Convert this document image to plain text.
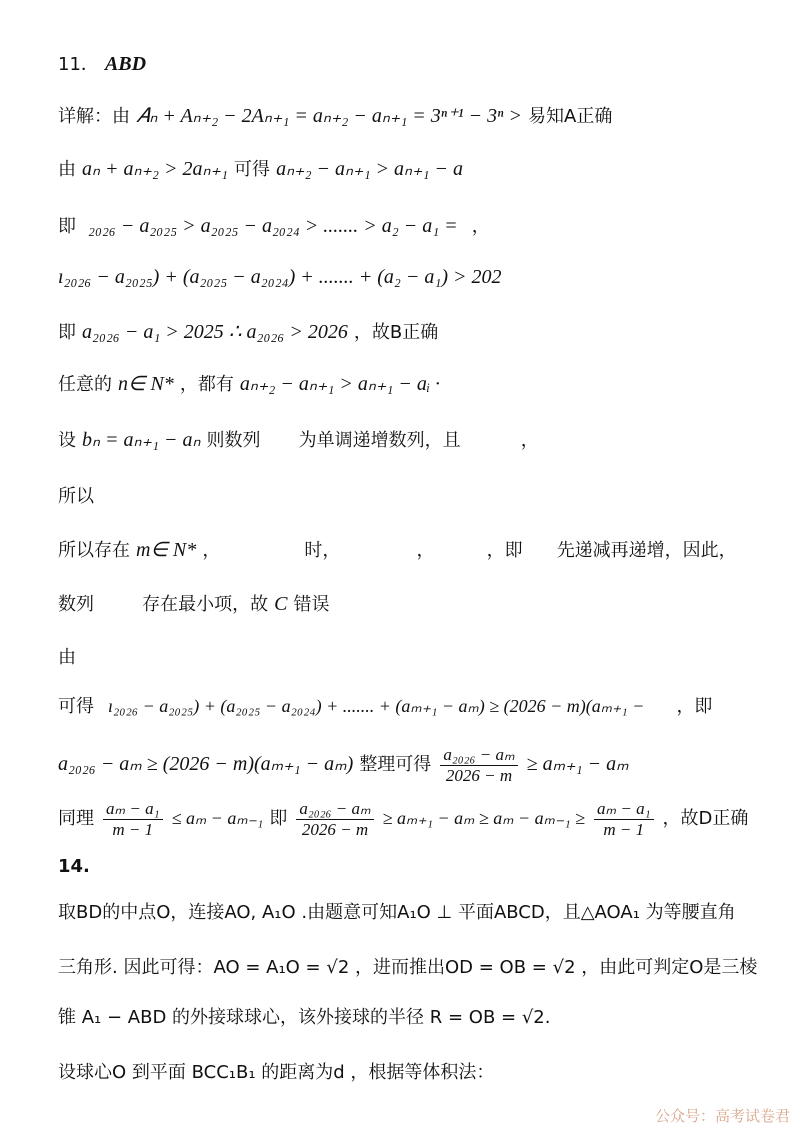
11． ABD
详解：由 𝐴ₙ + Aₙ₊₂ − 2Aₙ₊₁ = aₙ₊₂ − aₙ₊₁ = 3ⁿ⁺¹ − 3ⁿ > 易知A正确
由 aₙ + aₙ₊₂ > 2aₙ₊₁ 可得 aₙ₊₂ − aₙ₊₁ > aₙ₊₁ − a
即 ₂₀₂₆ − a₂₀₂₅ > a₂₀₂₅ − a₂₀₂₄ > ....... > a₂ − a₁ = ，
ı₂₀₂₆ − a₂₀₂₅) + (a₂₀₂₅ − a₂₀₂₄) + ....... + (a₂ − a₁) > 202
即 a₂₀₂₆ − a₁ > 2025 ∴ a₂₀₂₆ > 2026 ，故B正确
任意的 n∈ N* ，都有 aₙ₊₂ − aₙ₊₁ > aₙ₊₁ − aᵢ ·
设 bₙ = aₙ₊₁ − aₙ 则数列 为单调递增数列，且	，
所以
所以存在 m∈ N* ，	时，	，	，即 先递减再递增，因此，
数列	存在最小项，故 C 错误
由
可得 ı₂₀₂₆ − a₂₀₂₅) + (a₂₀₂₅ − a₂₀₂₄) + ....... + (aₘ₊₁ − aₘ) ≥ (2026 − m)(aₘ₊₁ − ，即
a₂₀₂₆ − aₘ ≥ (2026 − m)(aₘ₊₁ − aₘ) 整理可得 $\frac{\text{a₂₀₂₆ − aₘ}}{2026 - m} \ge a_{m+1} - a_m$
同理 $\frac{\text{aₘ − a₁}}{m - 1} \le a_m - a_{m-1}$ 即 $\frac{\text{a₂₀₂₆ − aₘ}}{2026 - m} \ge a_{m+1} - a_m \ge a_m - a_{m-1} \ge \frac{\text{aₘ − a₁}}{m - 1}$ ，故D正确
14.
取BD的中点O，连接AO, A₁O .由题意可知A₁O ⊥ 平面ABCD，且△AOA₁ 为等腰直角
三角形. 因此可得：AO = A₁O = √2 ，进而推出OD = OB = √2 ，由此可判定O是三棱
锥 A₁ − ABD 的外接球球心，该外接球的半径 R = OB = √2.
设球心O 到平面 BCC₁B₁ 的距离为d ，根据等体积法：
公众号：高考试卷君
